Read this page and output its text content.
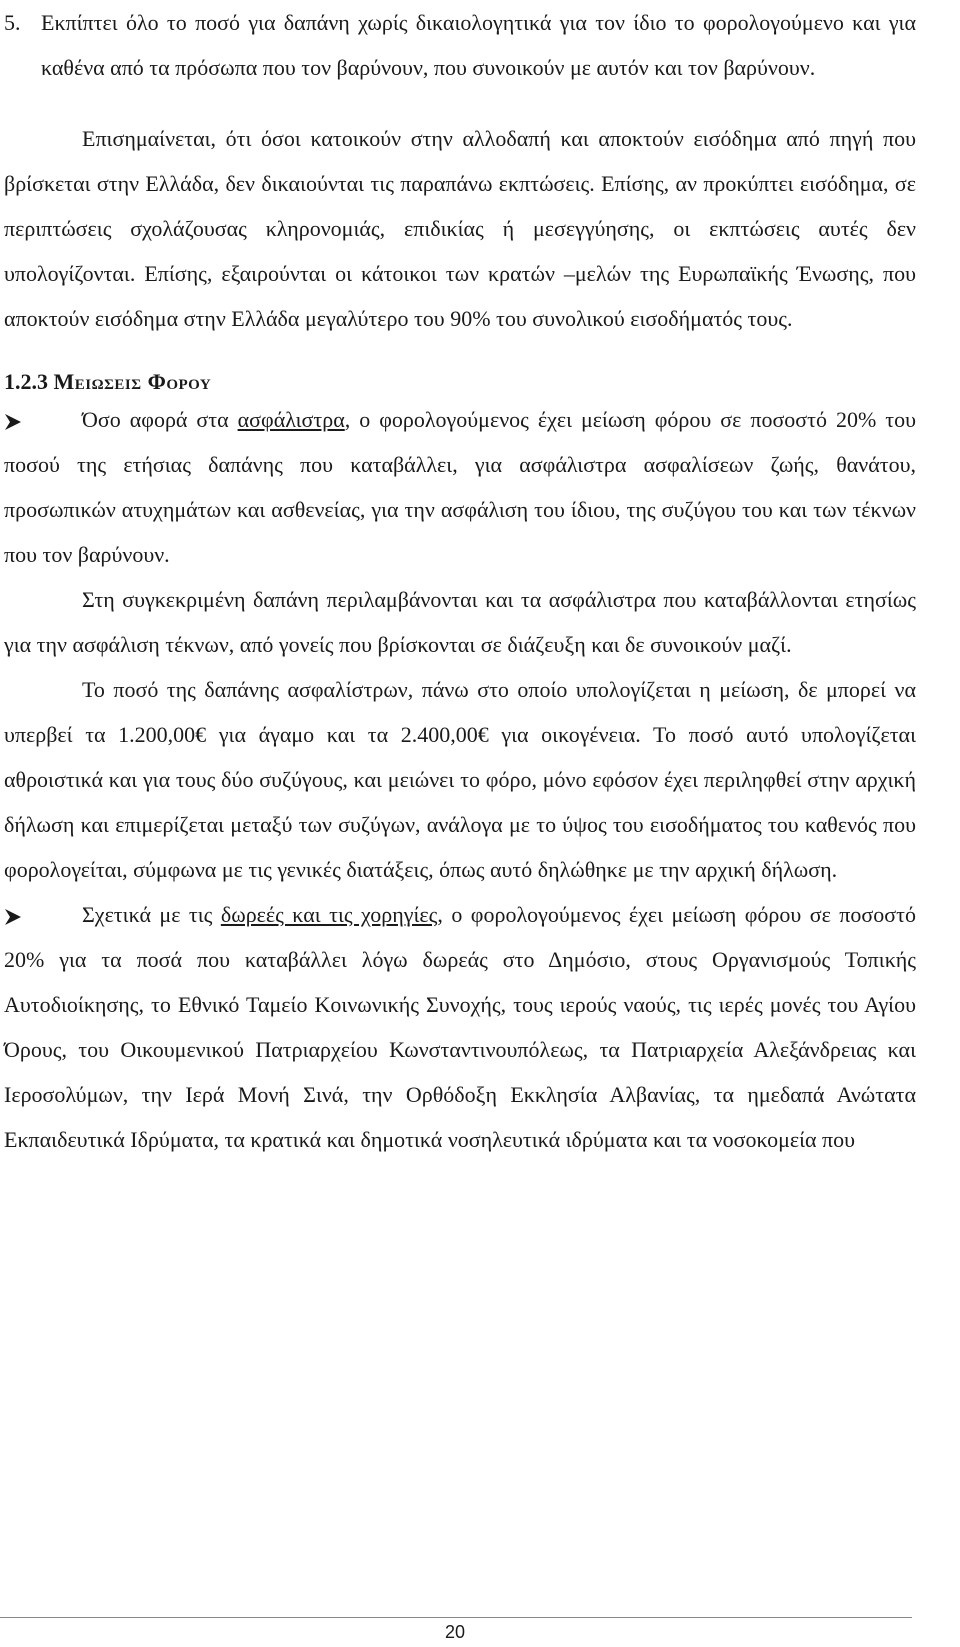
5. Εκπίπτει όλο το ποσό για δαπάνη χωρίς δικαιολογητικά για τον ίδιο το φορολογούμενο και για καθένα από τα πρόσωπα που τον βαρύνουν, που συνοικούν με αυτόν και τον βαρύνουν.

Επισημαίνεται, ότι όσοι κατοικούν στην αλλοδαπή και αποκτούν εισόδημα από πηγή που βρίσκεται στην Ελλάδα, δεν δικαιούνται τις παραπάνω εκπτώσεις. Επίσης, αν προκύπτει εισόδημα, σε περιπτώσεις σχολάζουσας κληρονομιάς, επιδικίας ή μεσεγγύησης, οι εκπτώσεις αυτές δεν υπολογίζονται. Επίσης, εξαιρούνται οι κάτοικοι των κρατών –μελών της Ευρωπαϊκής Ένωσης, που αποκτούν εισόδημα στην Ελλάδα μεγαλύτερο του 90% του συνολικού εισοδήματός τους.

1.2.3 Μειωσεισ Φορου

Όσο αφορά στα ασφάλιστρα, ο φορολογούμενος έχει μείωση φόρου σε ποσοστό 20% του ποσού της ετήσιας δαπάνης που καταβάλλει, για ασφάλιστρα ασφαλίσεων ζωής, θανάτου, προσωπικών ατυχημάτων και ασθενείας, για την ασφάλιση του ίδιου, της συζύγου του και των τέκνων που τον βαρύνουν.

Στη συγκεκριμένη δαπάνη περιλαμβάνονται και τα ασφάλιστρα που καταβάλλονται ετησίως για την ασφάλιση τέκνων, από γονείς που βρίσκονται σε διάζευξη και δε συνοικούν μαζί.

Το ποσό της δαπάνης ασφαλίστρων, πάνω στο οποίο υπολογίζεται η μείωση, δε μπορεί να υπερβεί τα 1.200,00€ για άγαμο και τα 2.400,00€ για οικογένεια. Το ποσό αυτό υπολογίζεται αθροιστικά και για τους δύο συζύγους, και μειώνει το φόρο, μόνο εφόσον έχει περιληφθεί στην αρχική δήλωση και επιμερίζεται μεταξύ των συζύγων, ανάλογα με το ύψος του εισοδήματος του καθενός που φορολογείται, σύμφωνα με τις γενικές διατάξεις, όπως αυτό δηλώθηκε με την αρχική δήλωση.

Σχετικά με τις δωρεές και τις χορηγίες, ο φορολογούμενος έχει μείωση φόρου σε ποσοστό 20% για τα ποσά που καταβάλλει λόγω δωρεάς στο Δημόσιο, στους Οργανισμούς Τοπικής Αυτοδιοίκησης, το Εθνικό Ταμείο Κοινωνικής Συνοχής, τους ιερούς ναούς, τις ιερές μονές του Αγίου Όρους, του Οικουμενικού Πατριαρχείου Κωνσταντινουπόλεως, τα Πατριαρχεία Αλεξάνδρειας και Ιεροσολύμων, την Ιερά Μονή Σινά, την Ορθόδοξη Εκκλησία Αλβανίας, τα ημεδαπά Ανώτατα Εκπαιδευτικά Ιδρύματα, τα κρατικά και δημοτικά νοσηλευτικά ιδρύματα και τα νοσοκομεία που

20
